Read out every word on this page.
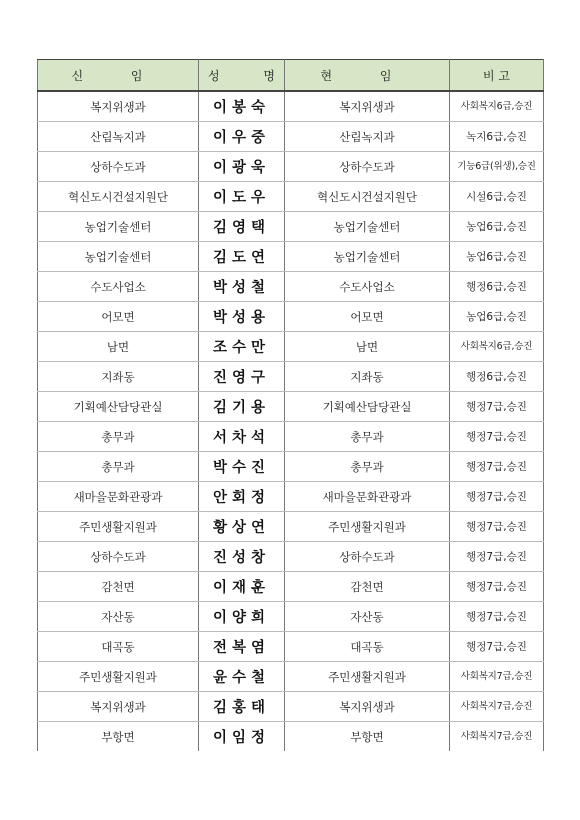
신 임	성 명	현 임	비 고
복지위생과	이봉숙	복지위생과	사회복지6급,승진
산림녹지과	이우중	산림녹지과	녹지6급,승진
상하수도과	이광욱	상하수도과	기능6급(위생),승진
혁신도시건설지원단	이도우	혁신도시건설지원단	시설6급,승진
농업기술센터	김영택	농업기술센터	농업6급,승진
농업기술센터	김도연	농업기술센터	농업6급,승진
수도사업소	박성철	수도사업소	행정6급,승진
어모면	박성용	어모면	농업6급,승진
남면	조수만	남면	사회복지6급,승진
지좌동	진영구	지좌동	행정6급,승진
기획예산담당관실	김기용	기획예산담당관실	행정7급,승진
총무과	서차석	총무과	행정7급,승진
총무과	박수진	총무과	행정7급,승진
새마을문화관광과	안회정	새마을문화관광과	행정7급,승진
주민생활지원과	황상연	주민생활지원과	행정7급,승진
상하수도과	진성창	상하수도과	행정7급,승진
감천면	이재훈	감천면	행정7급,승진
자산동	이양희	자산동	행정7급,승진
대곡동	전복염	대곡동	행정7급,승진
주민생활지원과	윤수철	주민생활지원과	사회복지7급,승진
복지위생과	김홍태	복지위생과	사회복지7급,승진
부항면	이임정	부항면	사회복지7급,승진
